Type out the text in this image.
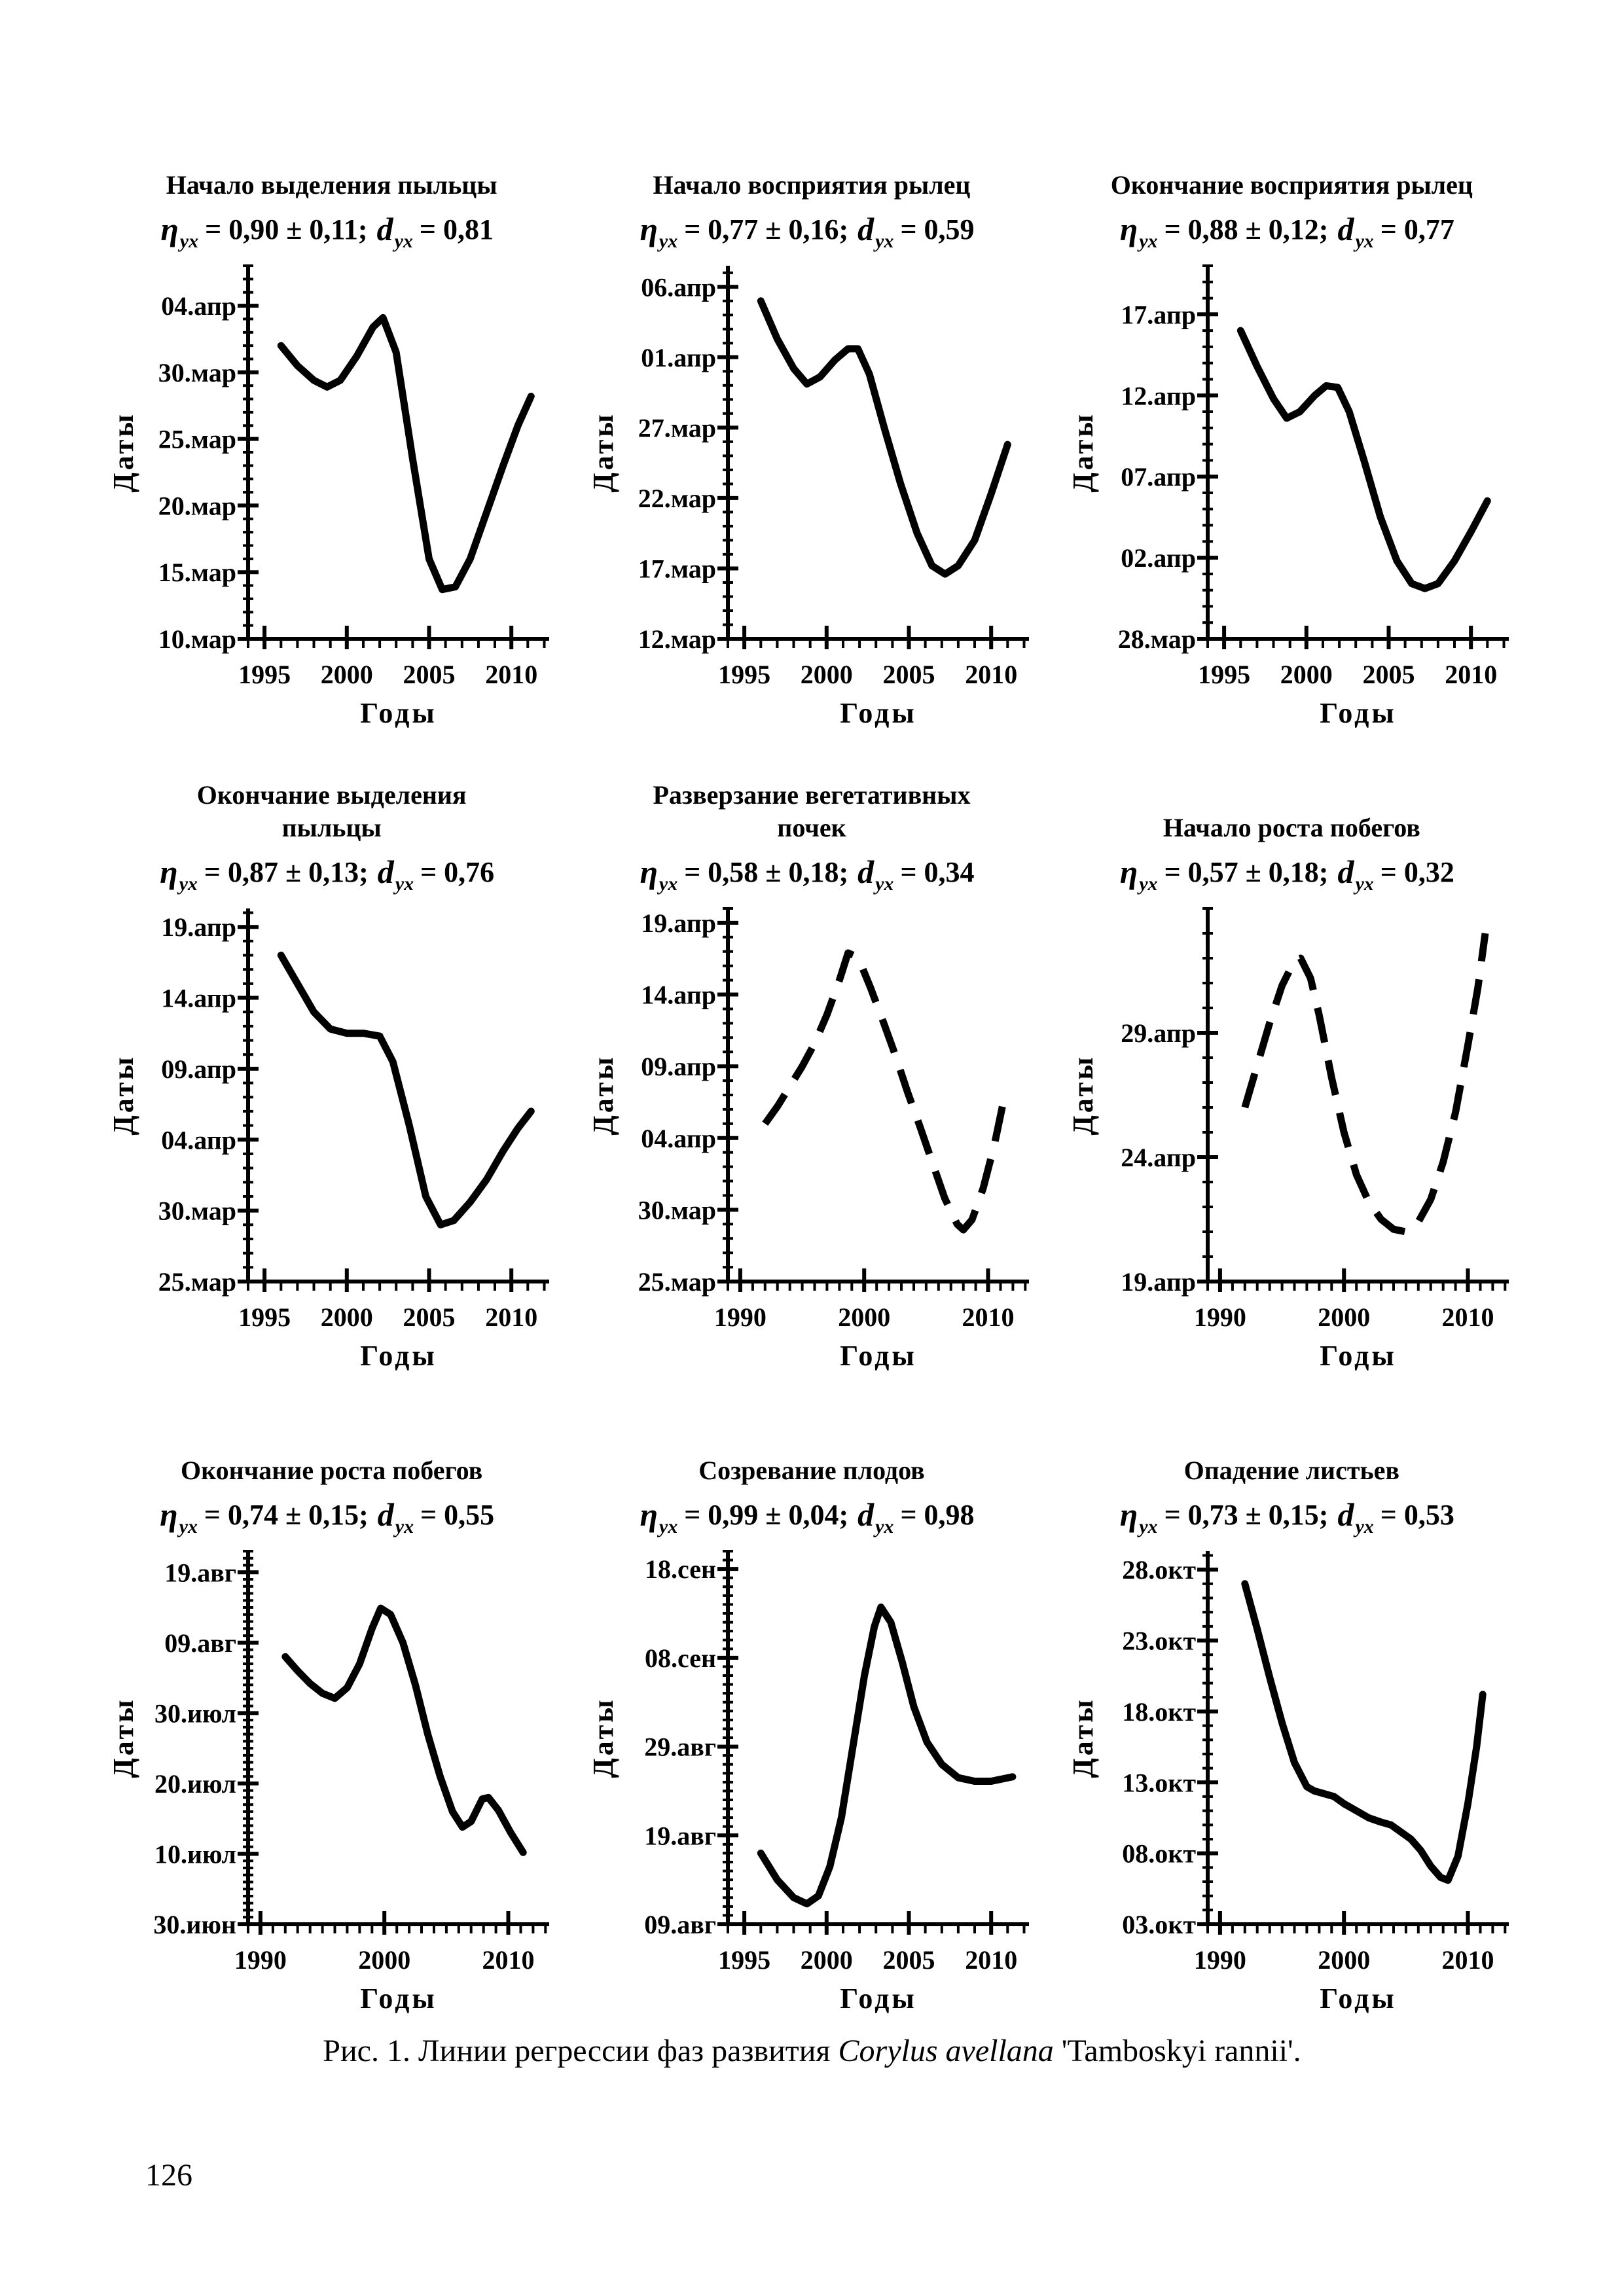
Начало выделения пыльцы
η yx = 0,90 ± 0,11; d yx = 0,81
10.мар
15.мар
20.мар
25.мар
30.мар
04.апр
1995 2000 2005 2010
Годы
Даты
Начало восприятия рылец
η yx = 0,77 ± 0,16; d yx = 0,59
12.мар
17.мар
22.мар
27.мар
01.апр
06.апр
1995 2000 2005 2010
Годы
Даты
Окончание восприятия рылец
η yx = 0,88 ± 0,12; d yx = 0,77
28.мар
02.апр
07.апр
12.апр
17.апр
1995 2000 2005 2010
Годы
Даты
Окончание выделения пыльцы
η yx = 0,87 ± 0,13; d yx = 0,76
25.мар
30.мар
04.апр
09.апр
14.апр
19.апр
1995 2000 2005 2010
Годы
Даты
Разверзание вегетативных почек
η yx = 0,58 ± 0,18; d yx = 0,34
25.мар
30.мар
04.апр
09.апр
14.апр
19.апр
1990	2000	2010
Годы
Даты
Начало роста побегов
η yx = 0,57 ± 0,18; d yx = 0,32
19.апр
24.апр
29.апр
1990	2000	2010
Годы
Даты
Окончание роста побегов
η yx = 0,74 ± 0,15; d yx = 0,55
30.июн
10.июл
20.июл
30.июл
09.авг
19.авг
1990	2000	2010
Годы
Даты
Созревание плодов
η yx = 0,99 ± 0,04; d yx = 0,98
09.авг
19.авг
29.авг
08.сен
18.сен
1995 2000 2005 2010
Годы
Даты
Опадение листьев
η yx = 0,73 ± 0,15; d yx = 0,53
03.окт
08.окт
13.окт
18.окт
23.окт
28.окт
1990	2000	2010
Годы
Даты
Рис. 1. Линии регрессии фаз развития Corylus avellana 'Tamboskyi rannii'.
126
